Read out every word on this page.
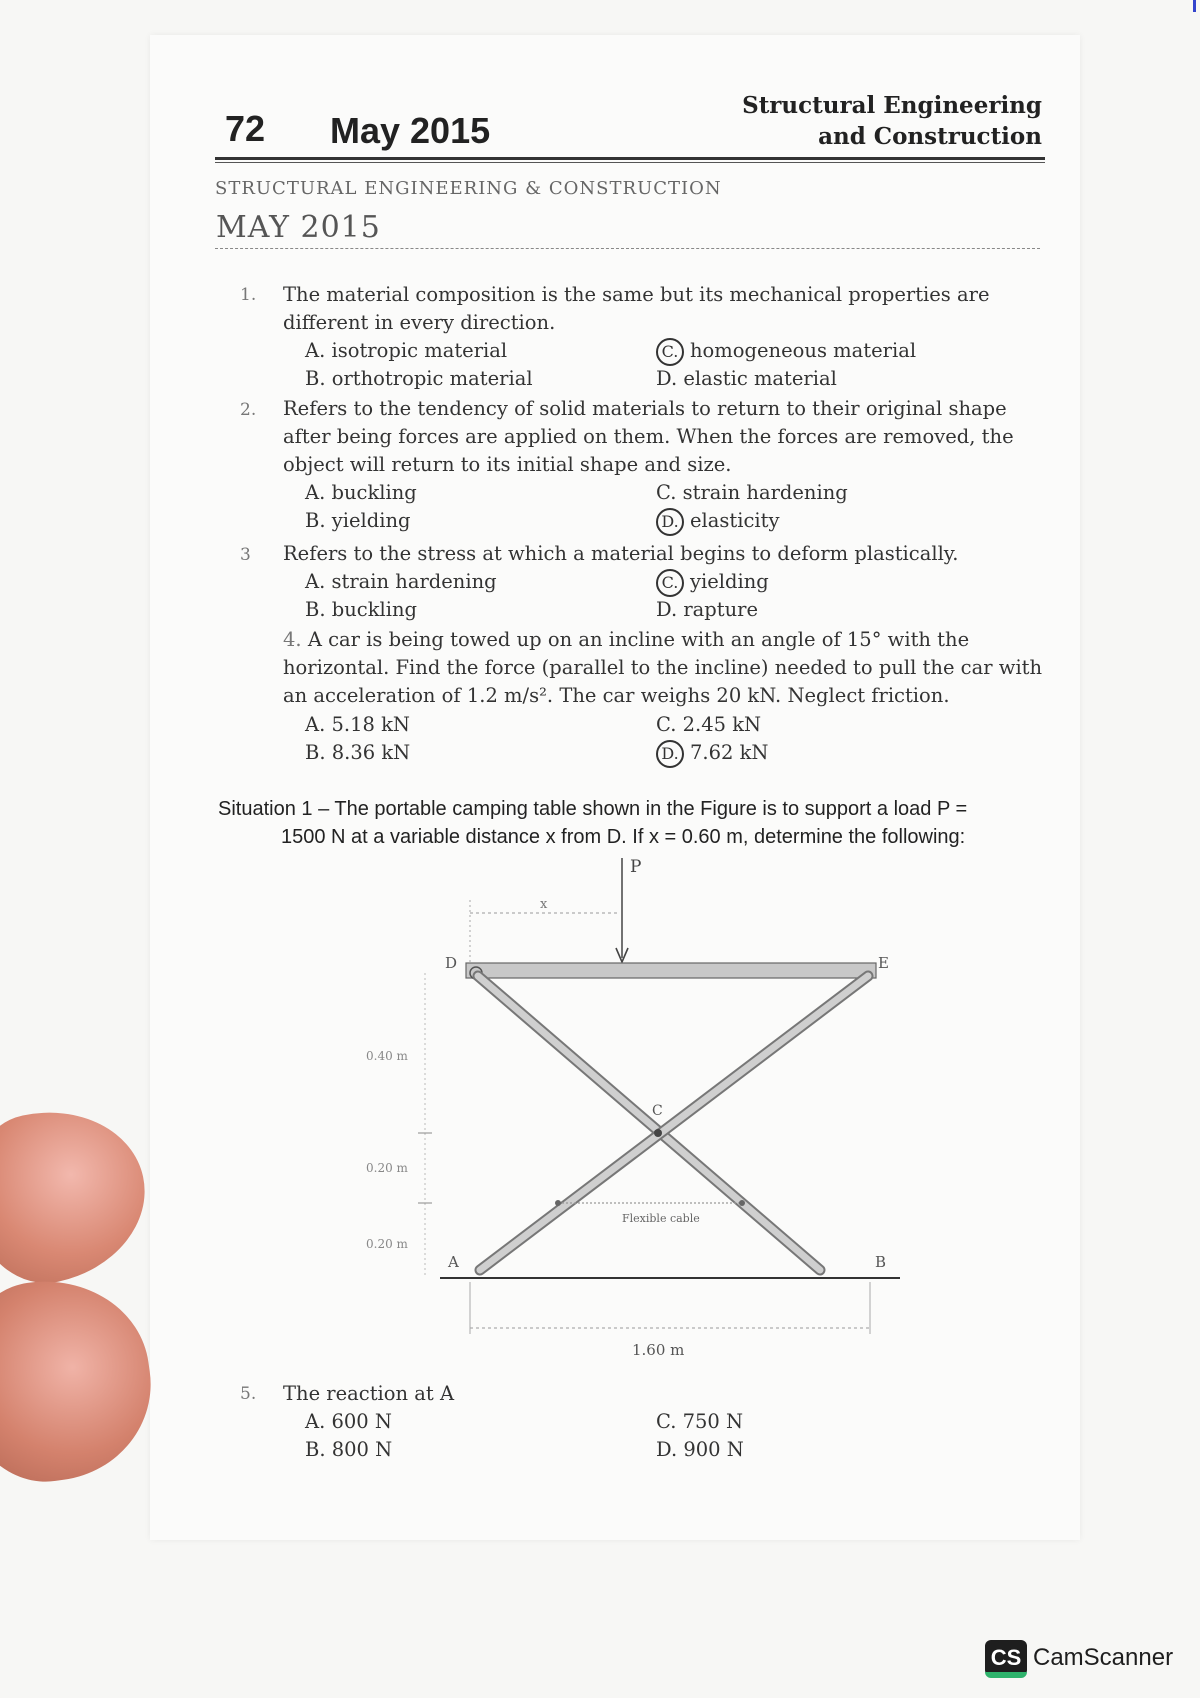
72 May 2015
Structural Engineering
and Construction
STRUCTURAL ENGINEERING & CONSTRUCTION
MAY 2015
1. The material composition is the same but its mechanical properties are different in every direction.
A. isotropic material
B. orthotropic material
C. homogeneous material
D. elastic material
2. Refers to the tendency of solid materials to return to their original shape after being forces are applied on them. When the forces are removed, the object will return to its initial shape and size.
A. buckling
B. yielding
C. strain hardening
D. elasticity
3 Refers to the stress at which a material begins to deform plastically.
A. strain hardening
B. buckling
C. yielding
D. rapture
4. A car is being towed up on an incline with an angle of 15° with the horizontal. Find the force (parallel to the incline) needed to pull the car with an acceleration of 1.2 m/s². The car weighs 20 kN. Neglect friction.
A. 5.18 kN
B. 8.36 kN
C. 2.45 kN
D. 7.62 kN
Situation 1 – The portable camping table shown in the Figure is to support a load P =
1500 N at a variable distance x from D. If x = 0.60 m, determine the following:
P
x
D	E
C
Flexible cable
A	B
0.40 m
0.20 m
0.20 m
1.60 m
5. The reaction at A
A. 600 N
B. 800 N
C. 750 N
D. 900 N
CS CamScanner
